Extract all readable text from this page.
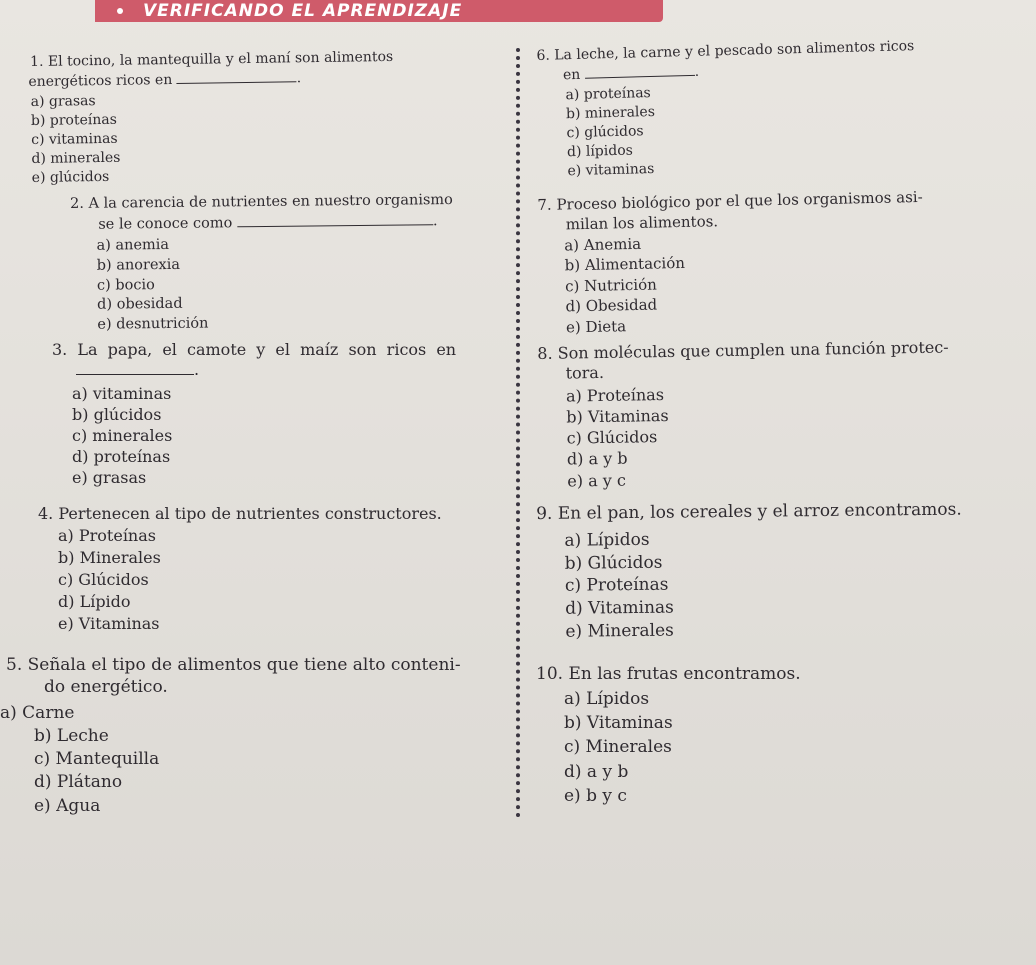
VERIFICANDO EL APRENDIZAJE
1. El tocino, la mantequilla y el maní son alimentos
energéticos ricos en	.
a) grasas
b) proteínas
c) vitaminas
d) minerales
e) glúcidos
2. A la carencia de nutrientes en nuestro organismo
se le conoce como	.
a) anemia
b) anorexia
c) bocio
d) obesidad
e) desnutrición
3. La papa, el camote y el maíz son ricos en
.
a) vitaminas
b) glúcidos
c) minerales
d) proteínas
e) grasas
4. Pertenecen al tipo de nutrientes constructores.
a) Proteínas
b) Minerales
c) Glúcidos
d) Lípido
e) Vitaminas
5. Señala el tipo de alimentos que tiene alto conteni-
do energético.
a) Carne
b) Leche
c) Mantequilla
d) Plátano
e) Agua
6. La leche, la carne y el pescado son alimentos ricos
en	.
a) proteínas
b) minerales
c) glúcidos
d) lípidos
e) vitaminas
7. Proceso biológico por el que los organismos asi-
milan los alimentos.
a) Anemia
b) Alimentación
c) Nutrición
d) Obesidad
e) Dieta
8. Son moléculas que cumplen una función protec-
tora.
a) Proteínas
b) Vitaminas
c) Glúcidos
d) a y b
e) a y c
9. En el pan, los cereales y el arroz encontramos.
a) Lípidos
b) Glúcidos
c) Proteínas
d) Vitaminas
e) Minerales
10. En las frutas encontramos.
a) Lípidos
b) Vitaminas
c) Minerales
d) a y b
e) b y c
